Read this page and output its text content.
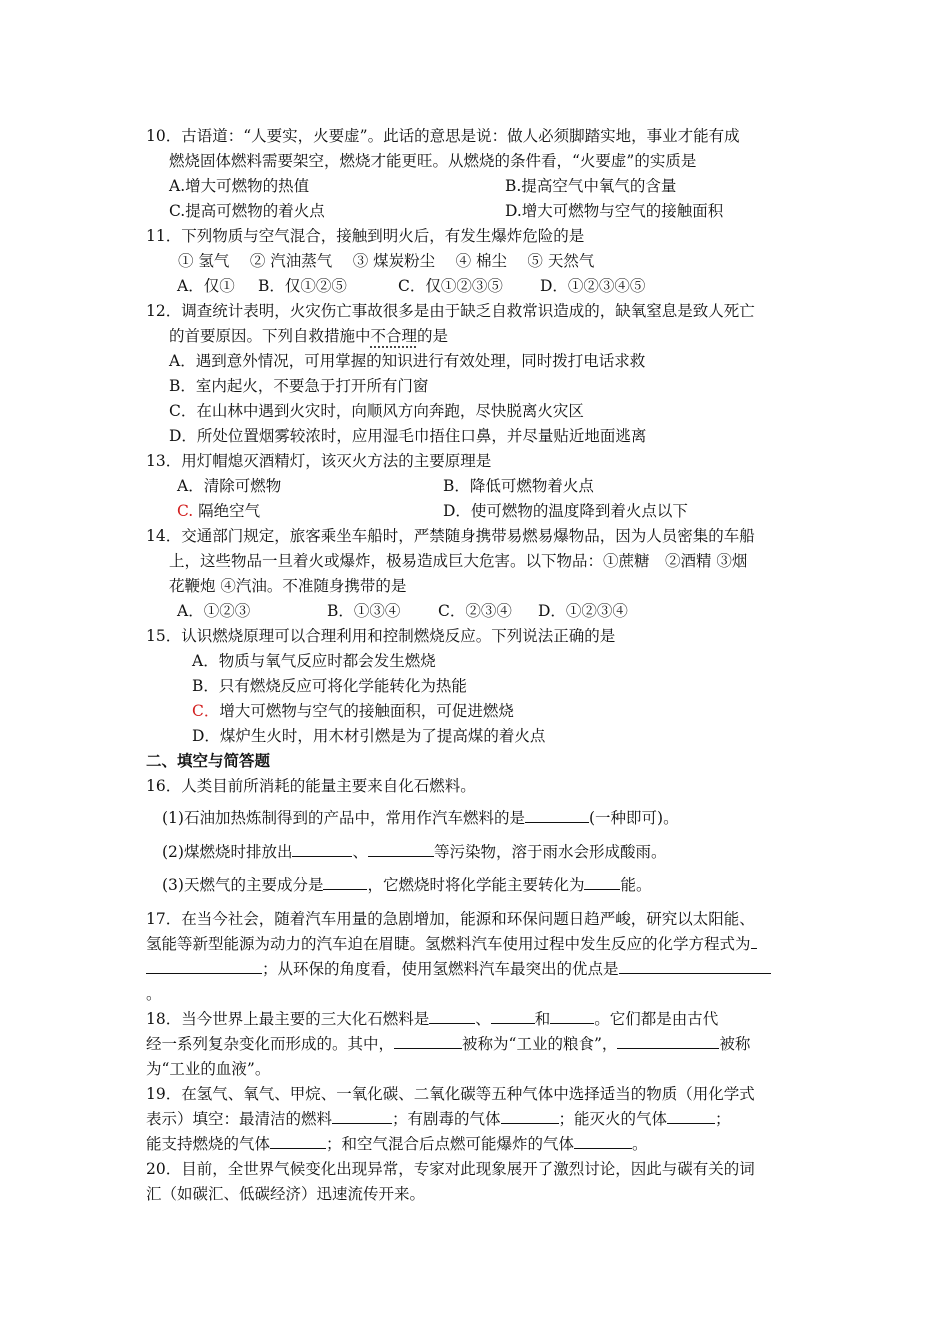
10．古语道：“人要实，火要虚”。此话的意思是说：做人必须脚踏实地，事业才能有成
燃烧固体燃料需要架空，燃烧才能更旺。从燃烧的条件看，“火要虚”的实质是
A.增大可燃物的热值	B.提高空气中氧气的含量
C.提高可燃物的着火点	D.增大可燃物与空气的接触面积
11．下列物质与空气混合，接触到明火后，有发生爆炸危险的是
① 氢气　 ② 汽油蒸气　 ③ 煤炭粉尘　 ④ 棉尘　 ⑤ 天然气
A．仅① B．仅①②⑤	C．仅①②③⑤ D．①②③④⑤
12．调查统计表明，火灾伤亡事故很多是由于缺乏自救常识造成的，缺氧窒息是致人死亡
的首要原因。下列自救措施中不合理的是
A．遇到意外情况，可用掌握的知识进行有效处理，同时拨打电话求救
B．室内起火，不要急于打开所有门窗
C．在山林中遇到火灾时，向顺风方向奔跑，尽快脱离火灾区
D．所处位置烟雾较浓时，应用湿毛巾捂住口鼻，并尽量贴近地面逃离
13．用灯帽熄灭酒精灯，该灭火方法的主要原理是
A．清除可燃物	B．降低可燃物着火点
C. 隔绝空气	D．使可燃物的温度降到着火点以下
14．交通部门规定，旅客乘坐车船时，严禁随身携带易燃易爆物品，因为人员密集的车船
上，这些物品一旦着火或爆炸，极易造成巨大危害。以下物品：①蔗糖　②酒精 ③烟
花鞭炮 ④汽油。不准随身携带的是
A．①②③	B．①③④ C．②③④ D．①②③④
15．认识燃烧原理可以合理利用和控制燃烧反应。下列说法正确的是
A．物质与氧气反应时都会发生燃烧
B．只有燃烧反应可将化学能转化为热能
C．增大可燃物与空气的接触面积，可促进燃烧
D．煤炉生火时，用木材引燃是为了提高煤的着火点
二、填空与简答题
16．人类目前所消耗的能量主要来自化石燃料。
(1)石油加热炼制得到的产品中，常用作汽车燃料的是	(一种即可)。
(2)煤燃烧时排放出	、	等污染物，溶于雨水会形成酸雨。
(3)天燃气的主要成分是	，它燃烧时将化学能主要转化为 能。
17．在当今社会，随着汽车用量的急剧增加，能源和环保问题日趋严峻，研究以太阳能、
氢能等新型能源为动力的汽车迫在眉睫。氢燃料汽车使用过程中发生反应的化学方程式为
；从环保的角度看，使用氢燃料汽车最突出的优点是
。
18．当今世界上最主要的三大化石燃料是	、	和	。它们都是由古代
经一系列复杂变化而形成的。其中，	被称为“工业的粮食”，	被称
为“工业的血液”。
19．在氢气、氧气、甲烷、一氧化碳、二氧化碳等五种气体中选择适当的物质（用化学式
表示）填空：最清洁的燃料	；有剧毒的气体	；能灭火的气体	；
能支持燃烧的气体	；和空气混合后点燃可能爆炸的气体	。
20．目前，全世界气候变化出现异常，专家对此现象展开了激烈讨论，因此与碳有关的词
汇（如碳汇、低碳经济）迅速流传开来。
